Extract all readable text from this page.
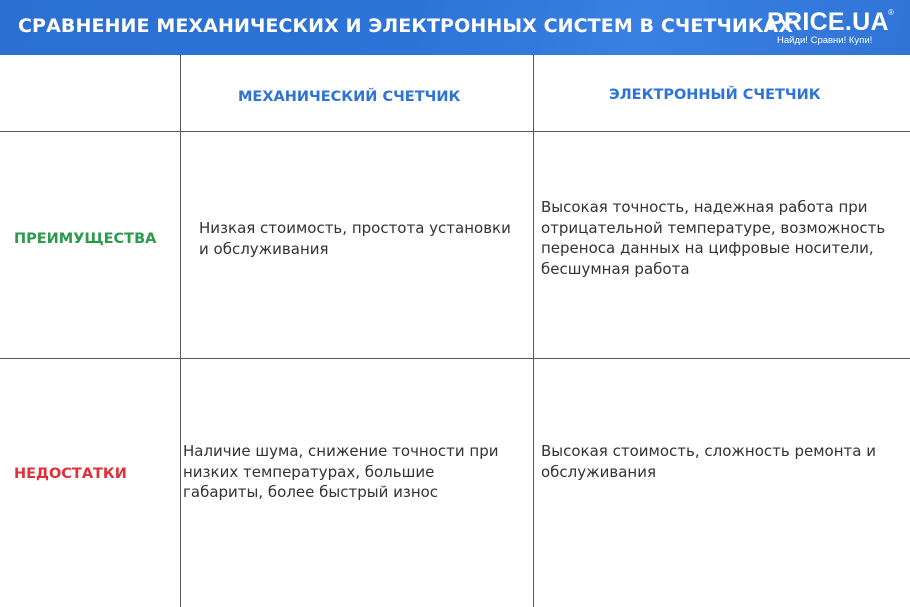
СРАВНЕНИЕ МЕХАНИЧЕСКИХ И ЭЛЕКТРОННЫХ СИСТЕМ В СЧЕТЧИКАХ
PRICE.UA ®
Найди! Сравни! Купи!
МЕХАНИЧЕСКИЙ СЧЕТЧИК	ЭЛЕКТРОННЫЙ СЧЕТЧИК
ПРЕИМУЩЕСТВА
НЕДОСТАТКИ
Низкая стоимость, простота установки
и обслуживания
Высокая точность, надежная работа при
отрицательной температуре, возможность
переноса данных на цифровые носители,
бесшумная работа
Наличие шума, снижение точности при
низких температурах, большие
габариты, более быстрый износ
Высокая стоимость, сложность ремонта и
обслуживания
